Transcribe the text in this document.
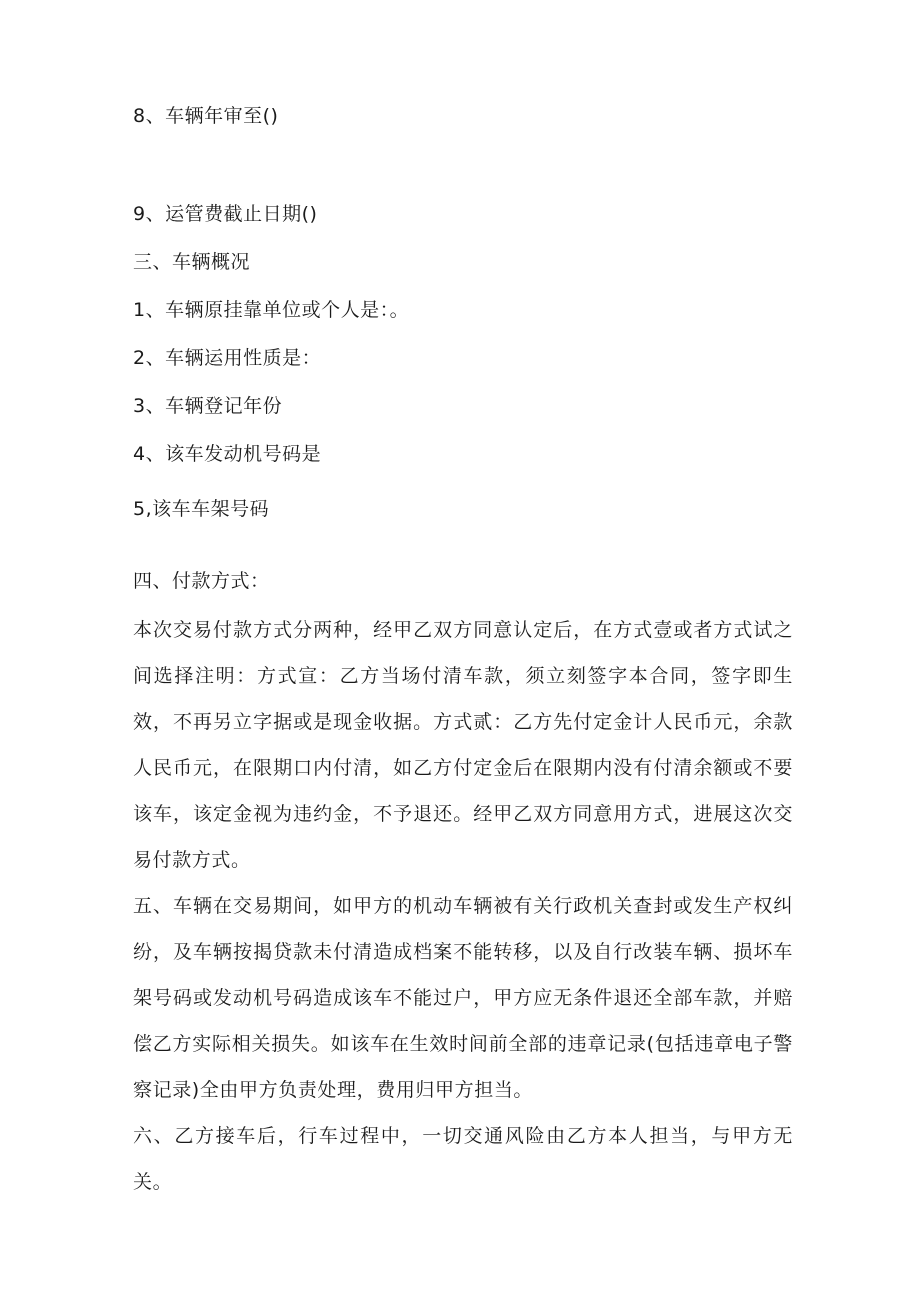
8、车辆年审至()
9、运管费截止日期()
三、车辆概况
1、车辆原挂靠单位或个人是：。
2、车辆运用性质是：
3、车辆登记年份
4、该车发动机号码是
5,该车车架号码
四、付款方式：

本次交易付款方式分两种，经甲乙双方同意认定后，在方式壹或者方式试之间选择注明：方式宣：乙方当场付清车款，须立刻签字本合同，签字即生效，不再另立字据或是现金收据。方式贰：乙方先付定金计人民币元，余款人民币元，在限期口内付清，如乙方付定金后在限期内没有付清余额或不要该车，该定金视为违约金，不予退还。经甲乙双方同意用方式，进展这次交易付款方式。

五、车辆在交易期间，如甲方的机动车辆被有关行政机关查封或发生产权纠纷，及车辆按揭贷款未付清造成档案不能转移，以及自行改装车辆、损坏车架号码或发动机号码造成该车不能过户，甲方应无条件退还全部车款，并赔偿乙方实际相关损失。如该车在生效时间前全部的违章记录(包括违章电子警察记录)全由甲方负责处理，费用归甲方担当。

六、乙方接车后，行车过程中，一切交通风险由乙方本人担当，与甲方无关。
